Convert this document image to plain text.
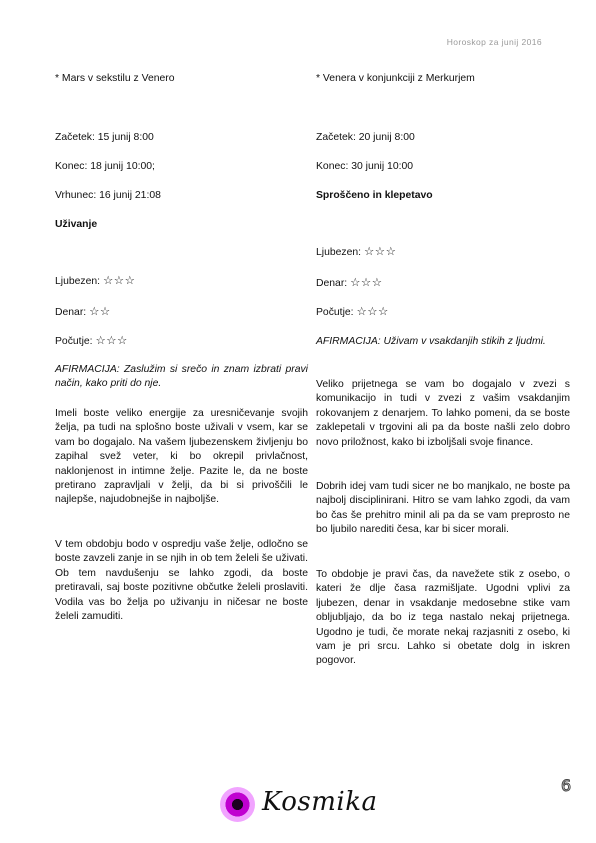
Horoskop za junij 2016
* Mars v sekstilu z Venero
Začetek: 15 junij 8:00
Konec: 18 junij 10:00;
Vrhunec: 16 junij 21:08
Uživanje
Ljubezen: ☆☆☆
Denar: ☆☆
Počutje: ☆☆☆

AFIRMACIJA: Zaslužim si srečo in znam izbrati pravi način, kako priti do nje.

Imeli boste veliko energije za uresničevanje svojih želja, pa tudi na splošno boste uživali v vsem, kar se vam bo dogajalo. Na vašem ljubezenskem življenju bo zapihal svež veter, ki bo okrepil privlačnost, naklonjenost in intimne želje. Pazite le, da ne boste pretirano zapravljali v želji, da bi si privoščili le najlepše, najudobnejše in najboljše.

V tem obdobju bodo v ospredju vaše želje, odločno se boste zavzeli zanje in se njih in ob tem želeli še uživati. Ob tem navdušenju se lahko zgodi, da boste pretiravali, saj boste pozitivne občutke želeli proslaviti. Vodila vas bo želja po uživanju in ničesar ne boste želeli zamuditi.

* Venera v konjunkciji z Merkurjem
Začetek: 20 junij 8:00
Konec: 30 junij 10:00
Sproščeno in klepetavo
Ljubezen: ☆☆☆
Denar: ☆☆☆
Počutje: ☆☆☆

AFIRMACIJA: Uživam v vsakdanjih stikih z ljudmi.

Veliko prijetnega se vam bo dogajalo v zvezi s komunikacijo in tudi v zvezi z vašim vsakdanjim rokovanjem z denarjem. To lahko pomeni, da se boste zaklepetali v trgovini ali pa da boste našli zelo dobro novo priložnost, kako bi izboljšali svoje finance.

Dobrih idej vam tudi sicer ne bo manjkalo, ne boste pa najbolj disciplinirani. Hitro se vam lahko zgodi, da vam bo čas še prehitro minil ali pa da se vam preprosto ne bo ljubilo narediti česa, kar bi sicer morali.

To obdobje je pravi čas, da navežete stik z osebo, o kateri že dlje časa razmišljate. Ugodni vplivi za ljubezen, denar in vsakdanje medosebne stike vam obljubljajo, da bo iz tega nastalo nekaj prijetnega. Ugodno je tudi, če morate nekaj razjasniti z osebo, ki vam je pri srcu. Lahko si obetate dolg in iskren pogovor.

Kosmika
6
